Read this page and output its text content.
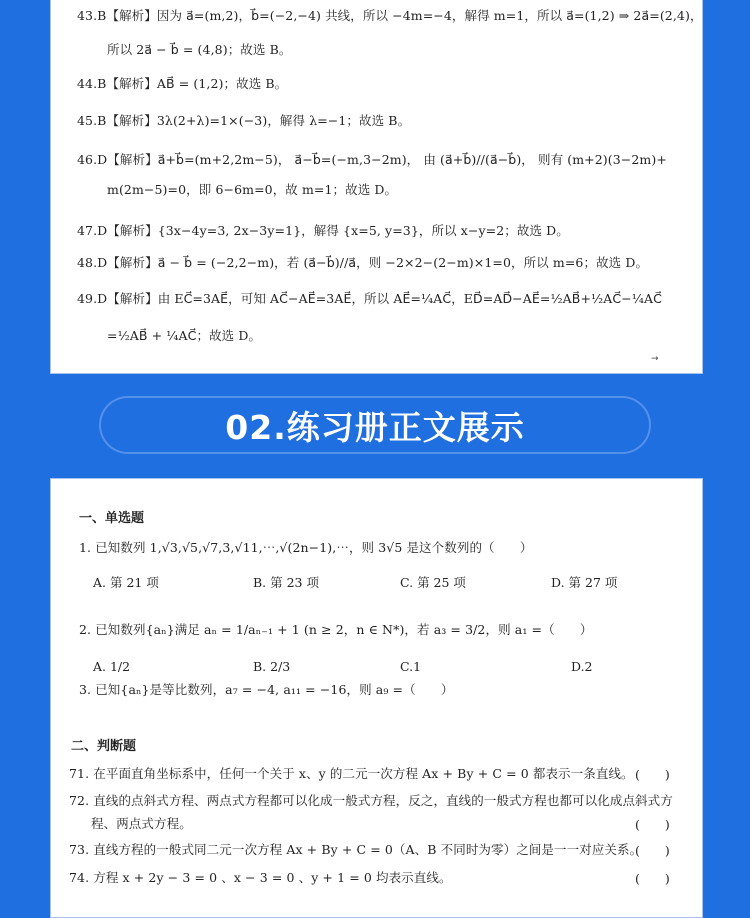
43.B【解析】因为 a⃗=(m,2)，b⃗=(−2,−4) 共线，所以 −4m=−4，解得 m=1，所以 a⃗=(1,2) ⇒ 2a⃗=(2,4)，
所以 2a⃗ − b⃗ = (4,8)；故选 B。
44.B【解析】AB⃗ = (1,2)；故选 B。
45.B【解析】3λ(2+λ)=1×(−3)，解得 λ=−1；故选 B。
46.D【解析】a⃗+b⃗=(m+2,2m−5)， a⃗−b⃗=(−m,3−2m)， 由 (a⃗+b⃗)//(a⃗−b⃗)， 则有 (m+2)(3−2m)+
m(2m−5)=0，即 6−6m=0，故 m=1；故选 D。
47.D【解析】{3x−4y=3, 2x−3y=1}，解得 {x=5, y=3}，所以 x−y=2；故选 D。
48.D【解析】a⃗ − b⃗ = (−2,2−m)，若 (a⃗−b⃗)//a⃗，则 −2×2−(2−m)×1=0，所以 m=6；故选 D。
49.D【解析】由 EC⃗=3AE⃗，可知 AC⃗−AE⃗=3AE⃗，所以 AE⃗=¼AC⃗，ED⃗=AD⃗−AE⃗=½AB⃗+½AC⃗−¼AC⃗
=½AB⃗ + ¼AC⃗；故选 D。
→
02.练习册正文展示
一、单选题
1. 已知数列 1,√3,√5,√7,3,√11,⋯,√(2n−1),⋯，则 3√5 是这个数列的（　　）
A. 第 21 项	B. 第 23 项	C. 第 25 项	D. 第 27 项
2. 已知数列{aₙ}满足 aₙ = 1/aₙ₋₁ + 1 (n ≥ 2，n ∈ N*)，若 a₃ = 3/2，则 a₁ =（　　）
A. 1/2	B. 2/3	C.1	D.2
3. 已知{aₙ}是等比数列，a₇ = −4, a₁₁ = −16，则 a₉ =（　　）
二、判断题
71. 在平面直角坐标系中，任何一个关于 x、y 的二元一次方程 Ax + By + C = 0 都表示一条直线。 (　　)
72. 直线的点斜式方程、两点式方程都可以化成一般式方程，反之，直线的一般式方程也都可以化成点斜式方
程、两点式方程。	(　　)
73. 直线方程的一般式同二元一次方程 Ax + By + C = 0（A、B 不同时为零）之间是一一对应关系。
(　　)
74. 方程 x + 2y − 3 = 0 、x − 3 = 0 、y + 1 = 0 均表示直线。	(　　)
